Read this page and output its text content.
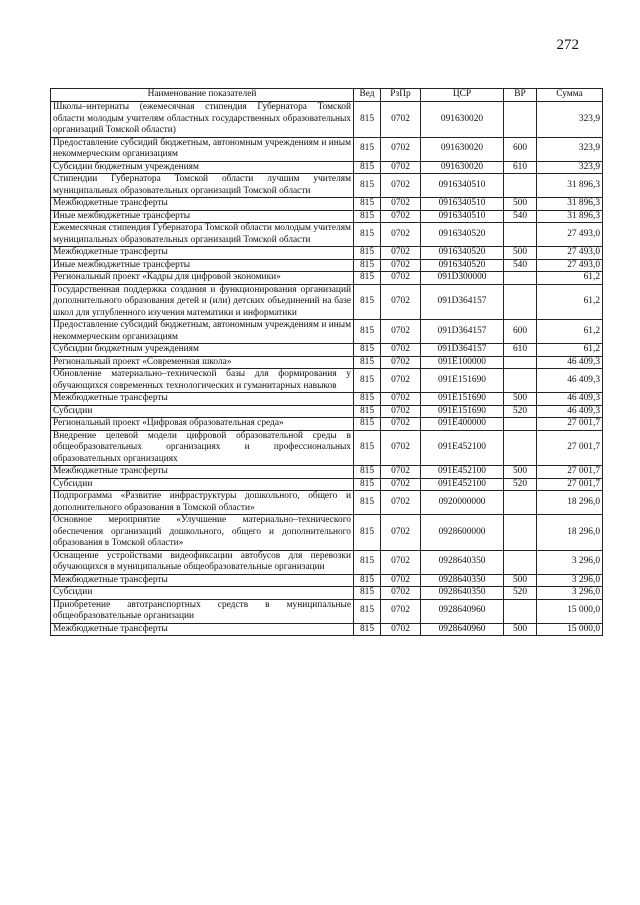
272
Наименование показателей	Вед	РзПр	ЦСР	ВР	Сумма
Школы–интернаты (ежемесячная стипендия Губернатора Томской области молодым учителям областных государственных образовательных организаций Томской области)	815	0702	091630020		323,9
Предоставление субсидий бюджетным, автономным учреждениям и иным некоммерческим организациям	815	0702	091630020	600	323,9
Субсидии бюджетным учреждениям	815	0702	091630020	610	323,9
Стипендии Губернатора Томской области лучшим учителям муниципальных образовательных организаций Томской области	815	0702	0916340510		31 896,3
Межбюджетные трансферты	815	0702	0916340510	500	31 896,3
Иные межбюджетные трансферты	815	0702	0916340510	540	31 896,3
Ежемесячная стипендия Губернатора Томской области молодым учителям муниципальных образовательных организаций Томской области	815	0702	0916340520		27 493,0
Межбюджетные трансферты	815	0702	0916340520	500	27 493,0
Иные межбюджетные трансферты	815	0702	0916340520	540	27 493,0
Региональный проект «Кадры для цифровой экономики»	815	0702	091D300000		61,2
Государственная поддержка создания и функционирования организаций дополнительного образования детей и (или) детских объединений на базе школ для углубленного изучения математики и информатики	815	0702	091D364157		61,2
Предоставление субсидий бюджетным, автономным учреждениям и иным некоммерческим организациям	815	0702	091D364157	600	61,2
Субсидии бюджетным учреждениям	815	0702	091D364157	610	61,2
Региональный проект «Современная школа»	815	0702	091E100000		46 409,3
Обновление материально–технической базы для формирования у обучающихся современных технологических и гуманитарных навыков	815	0702	091E151690		46 409,3
Межбюджетные трансферты	815	0702	091E151690	500	46 409,3
Субсидии	815	0702	091E151690	520	46 409,3
Региональный проект «Цифровая образовательная среда»	815	0702	091E400000		27 001,7
Внедрение целевой модели цифровой образовательной среды в общеобразовательных организациях и профессиональных образовательных организациях	815	0702	091E452100		27 001,7
Межбюджетные трансферты	815	0702	091E452100	500	27 001,7
Субсидии	815	0702	091E452100	520	27 001,7
Подпрограмма «Развитие инфраструктуры дошкольного, общего и дополнительного образования в Томской области»	815	0702	0920000000		18 296,0
Основное мероприятие «Улучшение материально–технического обеспечения организаций дошкольного, общего и дополнительного образования в Томской области»	815	0702	0928600000		18 296,0
Оснащение устройствами видеофиксации автобусов для перевозки обучающихся в муниципальные общеобразовательные организации	815	0702	0928640350		3 296,0
Межбюджетные трансферты	815	0702	0928640350	500	3 296,0
Субсидии	815	0702	0928640350	520	3 296,0
Приобретение автотранспортных средств в муниципальные общеобразовательные организации	815	0702	0928640960		15 000,0
Межбюджетные трансферты	815	0702	0928640960	500	15 000,0
